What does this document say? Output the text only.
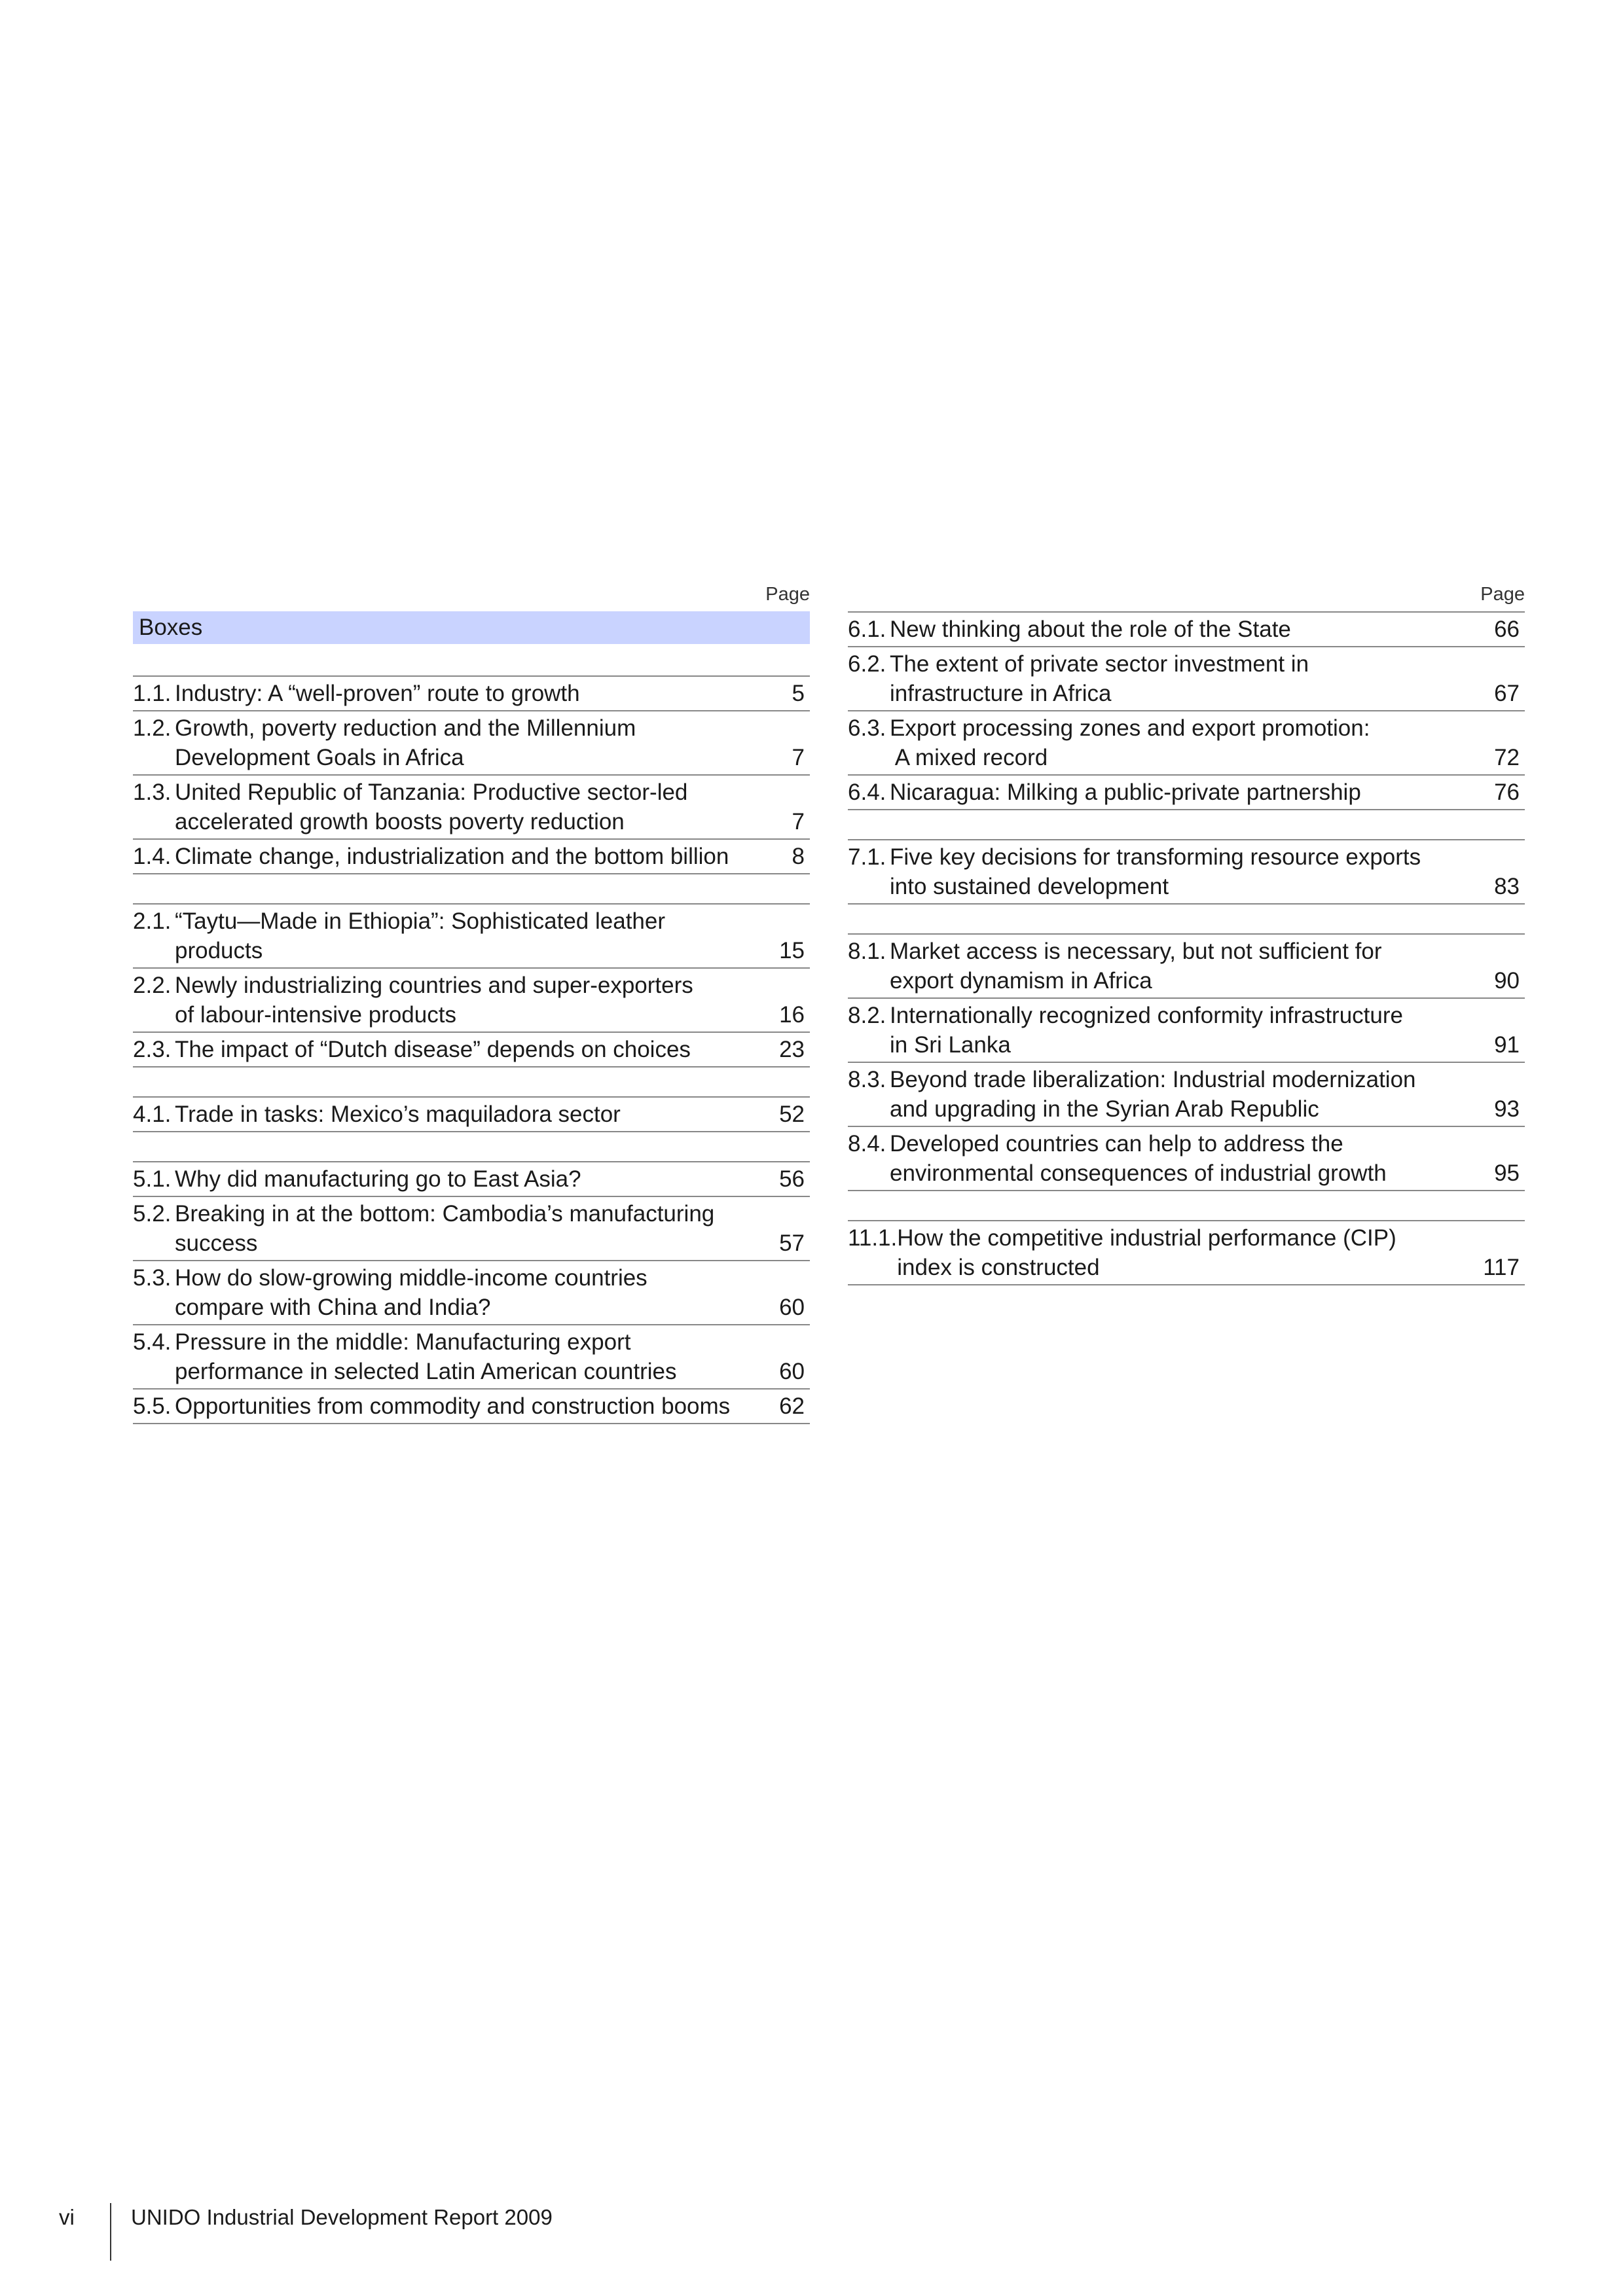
Page
Boxes
1.1. Industry: A “well-proven” route to growth	5
1.2. Growth, poverty reduction and the Millennium
Development Goals in Africa	7
1.3. United Republic of Tanzania: Productive sector-led
accelerated growth boosts poverty reduction	7
1.4. Climate change, industrialization and the bottom billion	8
2.1. “Taytu—Made in Ethiopia”: Sophisticated leather
products	15
2.2. Newly industrializing countries and super-exporters
of labour-intensive products	16
2.3. The impact of “Dutch disease” depends on choices	23
4.1. Trade in tasks: Mexico’s maquiladora sector	52
5.1. Why did manufacturing go to East Asia?	56
5.2. Breaking in at the bottom: Cambodia’s manufacturing
success	57
5.3. How do slow-growing middle-income countries
compare with China and India?	60
5.4. Pressure in the middle: Manufacturing export
performance in selected Latin American countries	60
5.5. Opportunities from commodity and construction booms	62
Page
6.1. New thinking about the role of the State	66
6.2. The extent of private sector investment in
infrastructure in Africa	67
6.3. Export processing zones and export promotion:
A mixed record	72
6.4. Nicaragua: Milking a public-private partnership	76
7.1. Five key decisions for transforming resource exports
into sustained development	83
8.1. Market access is necessary, but not sufficient for
export dynamism in Africa	90
8.2. Internationally recognized conformity infrastructure
in Sri Lanka	91
8.3. Beyond trade liberalization: Industrial modernization
and upgrading in the Syrian Arab Republic	93
8.4. Developed countries can help to address the
environmental consequences of industrial growth	95
11.1. How the competitive industrial performance (CIP)
index is constructed	117
vi	UNIDO Industrial Development Report 2009
